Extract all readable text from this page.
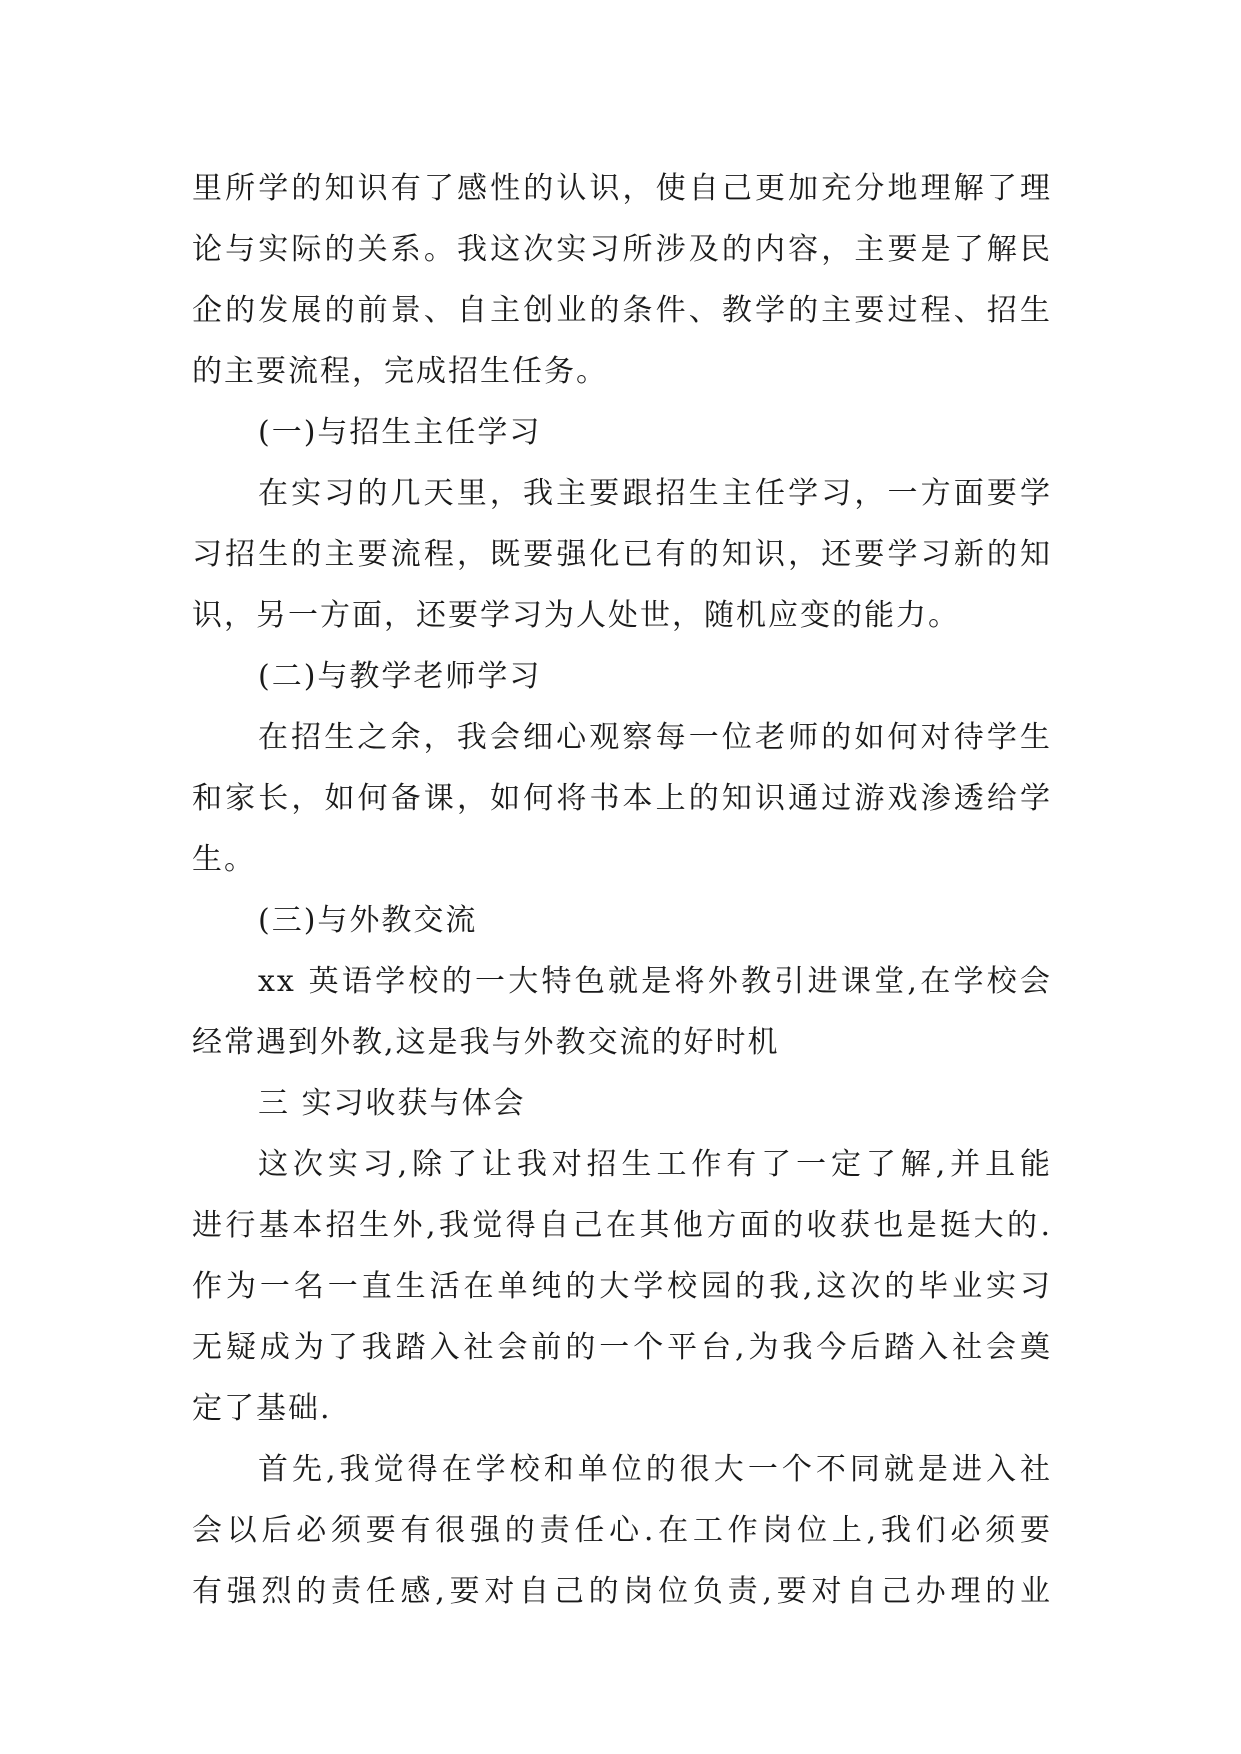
里所学的知识有了感性的认识，使自己更加充分地理解了理
论与实际的关系。我这次实习所涉及的内容，主要是了解民
企的发展的前景、自主创业的条件、教学的主要过程、招生
的主要流程，完成招生任务。
(一)与招生主任学习
在实习的几天里，我主要跟招生主任学习，一方面要学
习招生的主要流程，既要强化已有的知识，还要学习新的知
识，另一方面，还要学习为人处世，随机应变的能力。
(二)与教学老师学习
在招生之余，我会细心观察每一位老师的如何对待学生
和家长，如何备课，如何将书本上的知识通过游戏渗透给学
生。
(三)与外教交流
xx 英语学校的一大特色就是将外教引进课堂,在学校会
经常遇到外教,这是我与外教交流的好时机
三 实习收获与体会
这次实习,除了让我对招生工作有了一定了解,并且能
进行基本招生外,我觉得自己在其他方面的收获也是挺大的.
作为一名一直生活在单纯的大学校园的我,这次的毕业实习
无疑成为了我踏入社会前的一个平台,为我今后踏入社会奠
定了基础.
首先,我觉得在学校和单位的很大一个不同就是进入社
会以后必须要有很强的责任心.在工作岗位上,我们必须要
有强烈的责任感,要对自己的岗位负责,要对自己办理的业
